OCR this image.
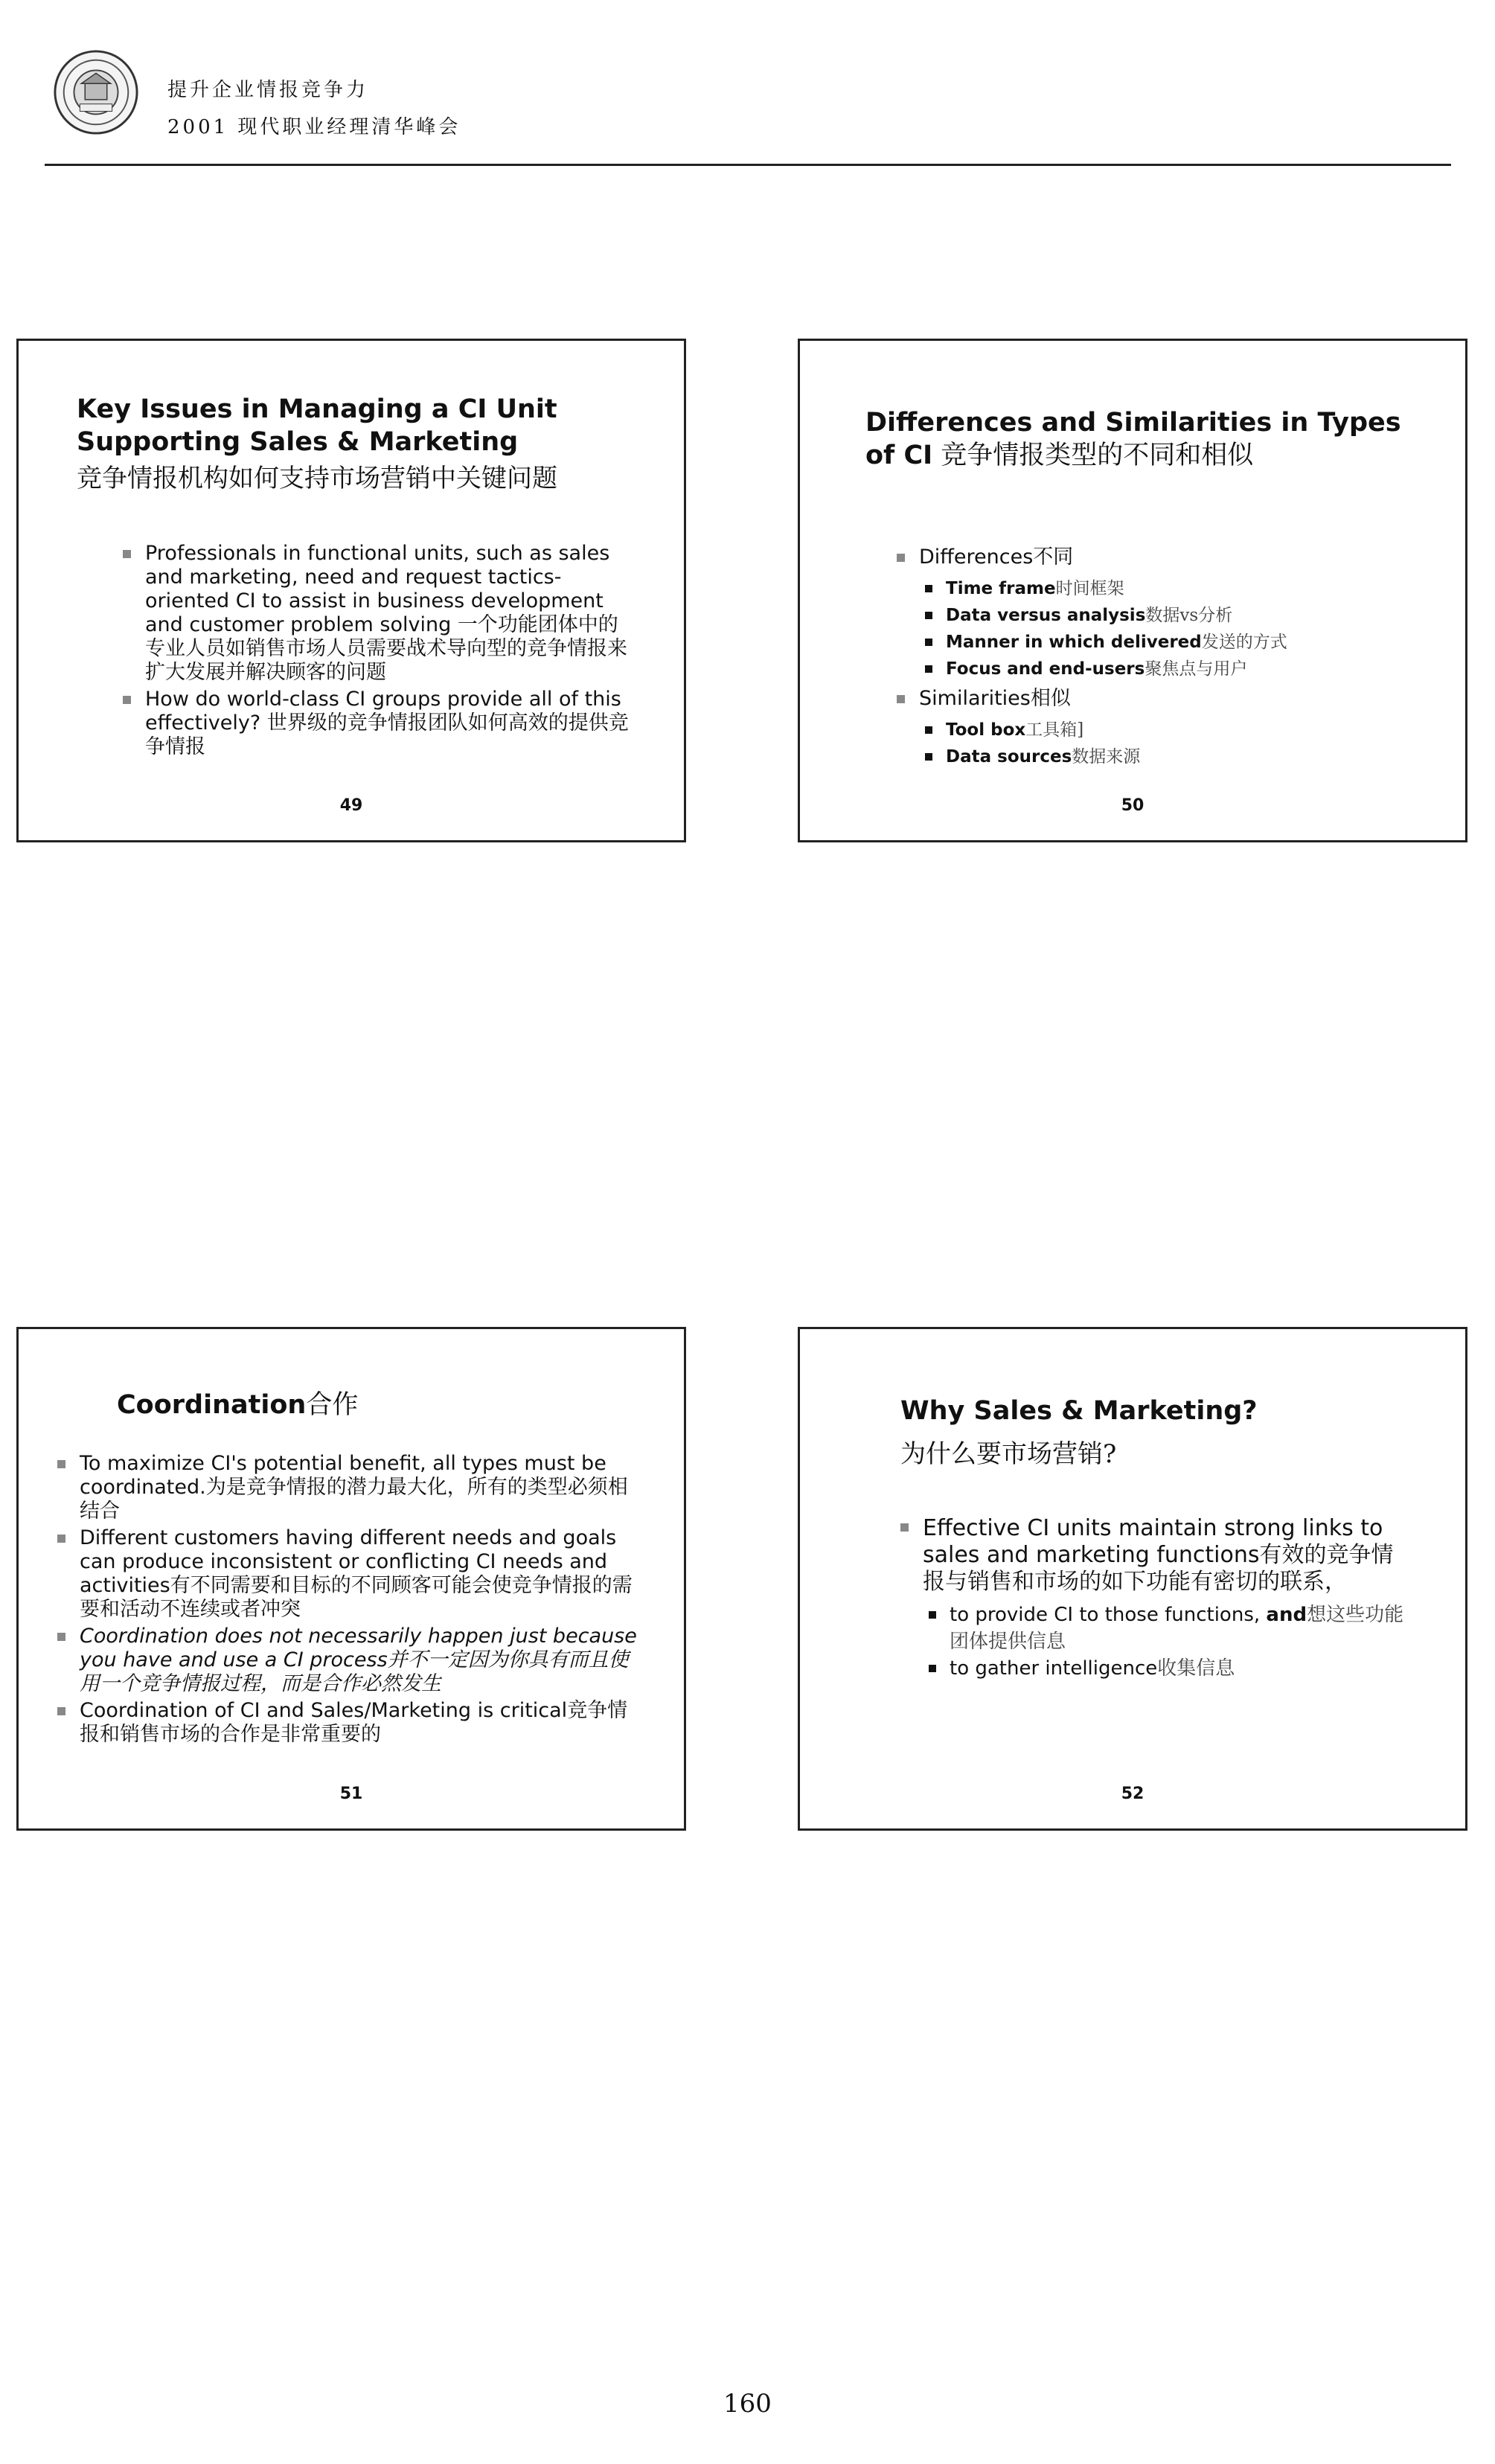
提升企业情报竞争力
2001 现代职业经理清华峰会
Key Issues in Managing a CI Unit
Supporting Sales & Marketing
竞争情报机构如何支持市场营销中关键问题
Professionals in functional units, such as sales and marketing, need and request tactics-oriented CI to assist in business development and customer problem solving 一个功能团体中的专业人员如销售市场人员需要战术导向型的竞争情报来扩大发展并解决顾客的问题
How do world-class CI groups provide all of this effectively? 世界级的竞争情报团队如何高效的提供竞争情报
49
Differences and Similarities in Types
of CI 竞争情报类型的不同和相似
Differences不同
Time frame时间框架
Data versus analysis数据vs分析
Manner in which delivered发送的方式
Focus and end-users聚焦点与用户
Similarities相似
Tool box工具箱]
Data sources数据来源
50
Coordination合作
To maximize CI's potential benefit, all types must be coordinated.为是竞争情报的潜力最大化，所有的类型必须相结合
Different customers having different needs and goals can produce inconsistent or conflicting CI needs and activities有不同需要和目标的不同顾客可能会使竞争情报的需要和活动不连续或者冲突
Coordination does not necessarily happen just because you have and use a CI process并不一定因为你具有而且使用一个竞争情报过程，而是合作必然发生
Coordination of CI and Sales/Marketing is critical竞争情报和销售市场的合作是非常重要的
51
Why Sales & Marketing?
为什么要市场营销?
Effective CI units maintain strong links to sales and marketing functions有效的竞争情报与销售和市场的如下功能有密切的联系，
to provide CI to those functions, and想这些功能团体提供信息
to gather intelligence收集信息
52
160
